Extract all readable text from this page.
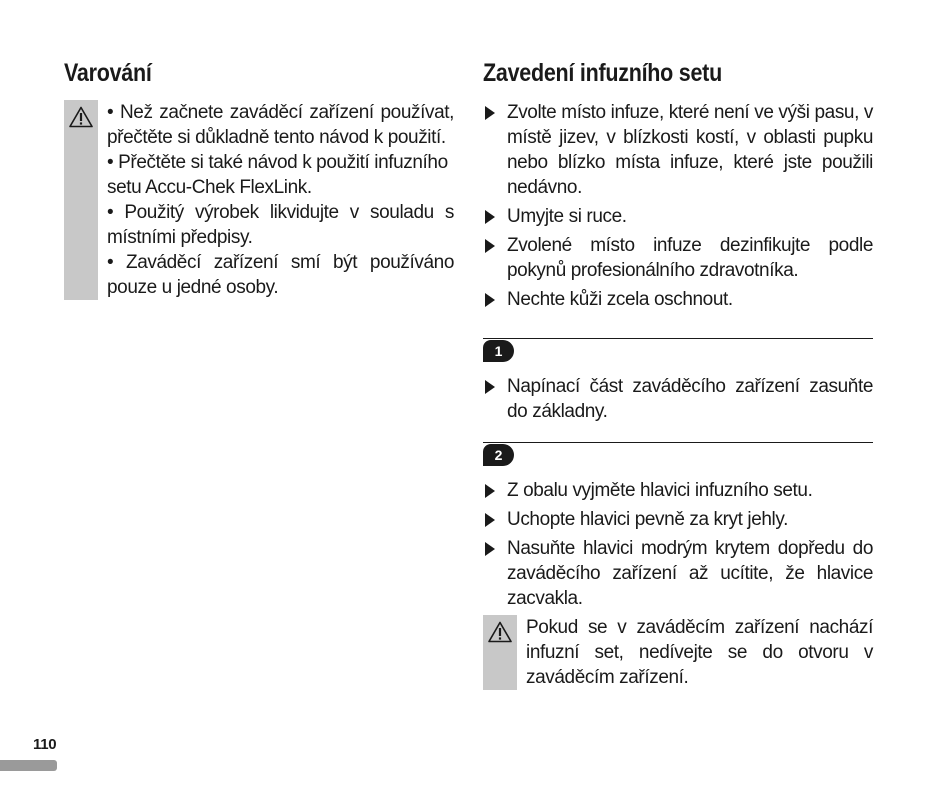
Varování

• Než začnete zaváděcí zařízení používat, přečtěte si důkladně tento návod k použití.

• Přečtěte si také návod k použití infuzního setu Accu-Chek FlexLink.

• Použitý výrobek likvidujte v souladu s místními předpisy.

• Zaváděcí zařízení smí být používáno pouze u jedné osoby.

Zavedení infuzního setu
Zvolte místo infuze, které není ve výši pasu, v místě jizev, v blízkosti kostí, v oblasti pupku nebo blízko místa infuze, které jste použili nedávno.
Umyjte si ruce.
Zvolené místo infuze dezinfikujte podle pokynů profesionálního zdravotníka.
Nechte kůži zcela oschnout.
1
Napínací část zaváděcího zařízení zasuňte do základny.
2
Z obalu vyjměte hlavici infuzního setu.
Uchopte hlavici pevně za kryt jehly.
Nasuňte hlavici modrým krytem dopředu do zaváděcího zařízení až ucítite, že hlavice zacvakla.

Pokud se v zaváděcím zařízení nachází infuzní set, nedívejte se do otvoru v zaváděcím zařízení.

110
